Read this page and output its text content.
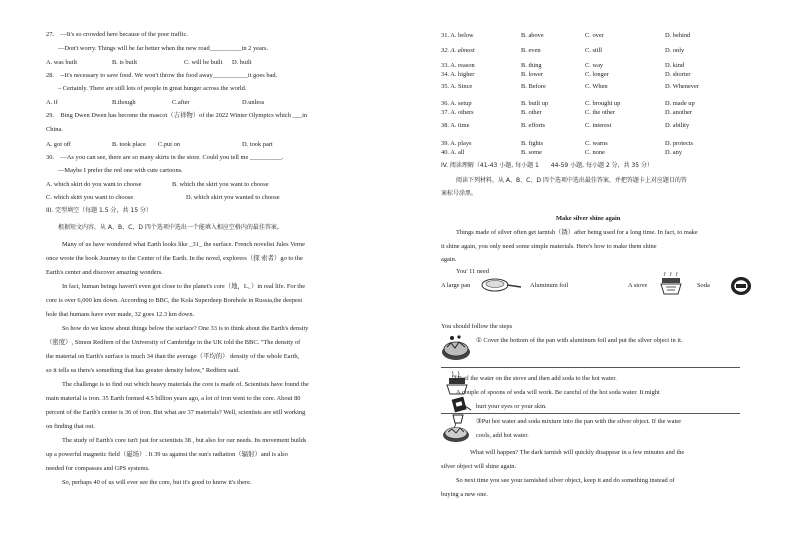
27.　—It's so crowded here because of the poor traffic.
—Don't worry. Things will be far better when the new road__________in 2 years.
A. was built	B. is built	C. will be built D. built
28.　--It's necessary to save food. We won't throw the food away___________it goes bad.
– Certainly. There are still lots of people in great hunger across the world.
A. if	B.though	C.after	D.unless
29.　Bing Dwen Dwen has become the mascot（吉祥物）of the 2022 Winter Olympics which ___in
China.
A. got off	B. took place C.put on	D. took part
30.　—As you can see, there are so many skirts in the store. Could you tell me __________.
—Maybe I prefer the red one with cute cartoons.
A. which skirt do you want to choose	B. which the skirt you want to choose
C. which skirt you want to choose	D. which skirt you wanted to choose
III. 完型填空（每题 1.5 分，共 15 分）
根据短文内容，从 A、B、C、D 四个选项中选出一个能填入相应空格内的最佳答案。
Many of us have wondered what Earth looks like _31_ the surface. French novelist Jules Verne
once wrote the book Journey to the Center of the Earth. In the novel, explorers（探 索者）go to the
Earth's center and discover amazing wonders.
In fact, human beings haven't even got close to the planet's core（地，L、）in real life. For the
core is over 6,000 km down. According to BBC, the Kola Superdeep Borehole in Russia,the deepest
hole that humans have ever made, 32 goes 12.3 km down.
So how do we know about things below the surface? One 33 is to think about the Earth's density
（密度）, Simon Redfern of the University of Cambridge in the UK told the BBC. "The density of
the material on Earth's surface is much 34 than the average（平均的） density of the whole Earth,
so it tells us there's something that has greater density below," Redfern said.
The challenge is to find out which heavy materials the core is made of. Scientists have found the
main material is iron. 35 Earth formed 4.5 billion years ago, a lot of iron went to the core. About 80
percent of the Earth's center is 36 of iron. But what are 37 materials? Well, scientists are still working
on finding that out.
The study of Earth's core isn't just for scientists 38 , but also for our needs. Its movement builds
up a powerful magnetic field（磁场）. It 39 us against the sun's radiation（辐射）and is also
needed for compasses and GPS systems.
So, perhaps 40 of us will ever see the core, but it's good to know it's there.
31. A. below	B. above	C. over	D. behind
32. A. almost	B. even	C. still	D. only
33. A. reason	B. thing	C. way	D. kind
34. A. higher	B. lower	C. longer	D. shorter
35. A. Since	B. Before	C. When	D. Whenever
36. A. setup	B. built up	C. brought up	D. made up
37. A. others	B. other	C. the other	D. another
38. A. time	B. efforts	C. interest	D. ability
39. A. plays	B. fights	C. warns	D. protects
40. A. all	B. some	C. none	D. any
IV. 阅读理解（41-43 小题, 每小题 1　　44-59 小题, 每小题 2 分，共 35 分）
阅读下列材料，从 A、B、C、D 四个选项中选出最佳答案，并把答题卡上对应题目的答
案标号涂黑。
Make silver shine again
Things made of silver often get tarnish（锈）after being used for a long time. In fact, to make
it shine again, you only need some simple materials. Here's how to make them shine
again.
You' 11 need
A large pan	Aluminum foil	A stove	Soda
You should follow the steps
① Cover the bottom of the pan with aluminum foil and put the silver object in it.
②Boil the water on the stove and then add soda to the hot water.
A couple of spoons of soda will work. Be careful of the hot soda water. It might
hurt your eyes or your skin.
③Put hot water and soda mixture into the pan with the silver object. If the water
cools, add hot water.
What will happen? The dark tarnish will quickly disappear in a few minutes and the
silver object will shine again.
So next time you see your tarnished silver object, keep it and do something instead of
buying a new one.
